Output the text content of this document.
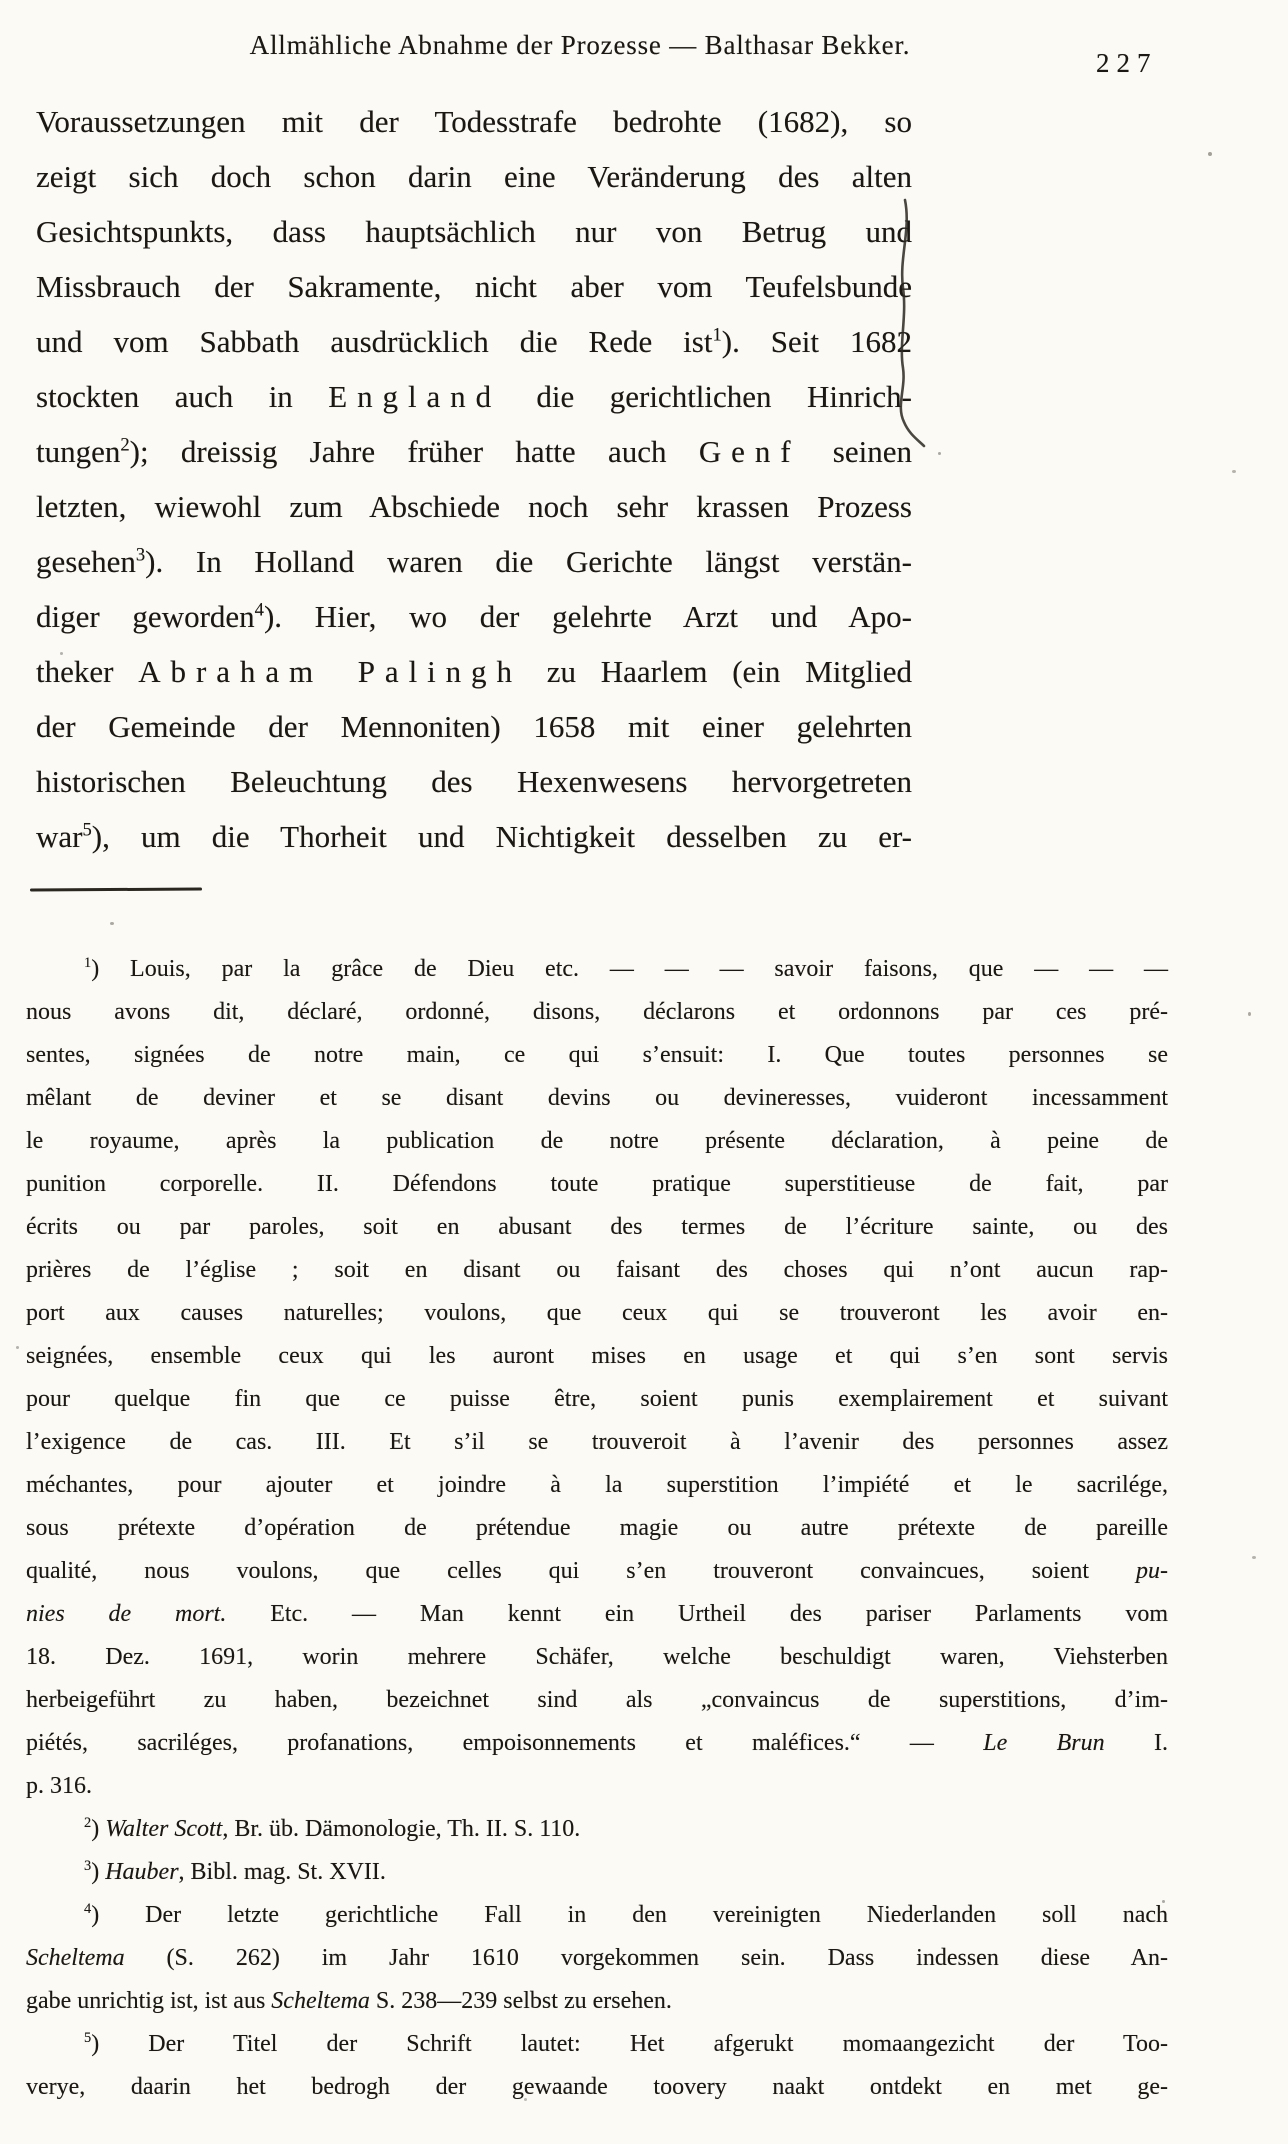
Allmähliche Abnahme der Prozesse — Balthasar Bekker.
227
Voraussetzungen mit der Todesstrafe bedrohte (1682), so
zeigt sich doch schon darin eine Veränderung des alten
Gesichtspunkts, dass hauptsächlich nur von Betrug und
Missbrauch der Sakramente, nicht aber vom Teufelsbunde
und vom Sabbath ausdrücklich die Rede ist$^1$). Seit 1682
stockten auch in England die gerichtlichen Hinrich-
tungen$^2$); dreissig Jahre früher hatte auch Genf seinen
letzten, wiewohl zum Abschiede noch sehr krassen Prozess
gesehen$^3$). In Holland waren die Gerichte längst verstän-
diger geworden$^4$). Hier, wo der gelehrte Arzt und Apo-
theker Abraham Palingh zu Haarlem (ein Mitglied
der Gemeinde der Mennoniten) 1658 mit einer gelehrten
historischen Beleuchtung des Hexenwesens hervorgetreten
war$^5$), um die Thorheit und Nichtigkeit desselben zu er-
$^1$) Louis, par la grâce de Dieu etc. — — — savoir faisons, que — — —
nous avons dit, déclaré, ordonné, disons, déclarons et ordonnons par ces pré-
sentes, signées de notre main, ce qui s’ensuit: I. Que toutes personnes se
mêlant de deviner et se disant devins ou devineresses, vuideront incessamment
le royaume, après la publication de notre présente déclaration, à peine de
punition corporelle. II. Défendons toute pratique superstitieuse de fait, par
écrits ou par paroles, soit en abusant des termes de l’écriture sainte, ou des
prières de l’église ; soit en disant ou faisant des choses qui n’ont aucun rap-
port aux causes naturelles; voulons, que ceux qui se trouveront les avoir en-
seignées, ensemble ceux qui les auront mises en usage et qui s’en sont servis
pour quelque fin que ce puisse être, soient punis exemplairement et suivant
l’exigence de cas. III. Et s’il se trouveroit à l’avenir des personnes assez
méchantes, pour ajouter et joindre à la superstition l’impiété et le sacrilége,
sous prétexte d’opération de prétendue magie ou autre prétexte de pareille
qualité, nous voulons, que celles qui s’en trouveront convaincues, soient pu-
nies de mort. Etc. — Man kennt ein Urtheil des pariser Parlaments vom
18. Dez. 1691, worin mehrere Schäfer, welche beschuldigt waren, Viehsterben
herbeigeführt zu haben, bezeichnet sind als „convaincus de superstitions, d’im-
piétés, sacriléges, profanations, empoisonnements et maléfices.“ — Le Brun I.
p. 316.
$^2$) Walter Scott, Br. üb. Dämonologie, Th. II. S. 110.
$^3$) Hauber, Bibl. mag. St. XVII.
$^4$) Der letzte gerichtliche Fall in den vereinigten Niederlanden soll nach
Scheltema (S. 262) im Jahr 1610 vorgekommen sein. Dass indessen diese An-
gabe unrichtig ist, ist aus Scheltema S. 238—239 selbst zu ersehen.
$^5$) Der Titel der Schrift lautet: Het afgerukt momaangezicht der Too-
verye, daarin het bedrogh der gewaande toovery naakt ontdekt en met ge-
